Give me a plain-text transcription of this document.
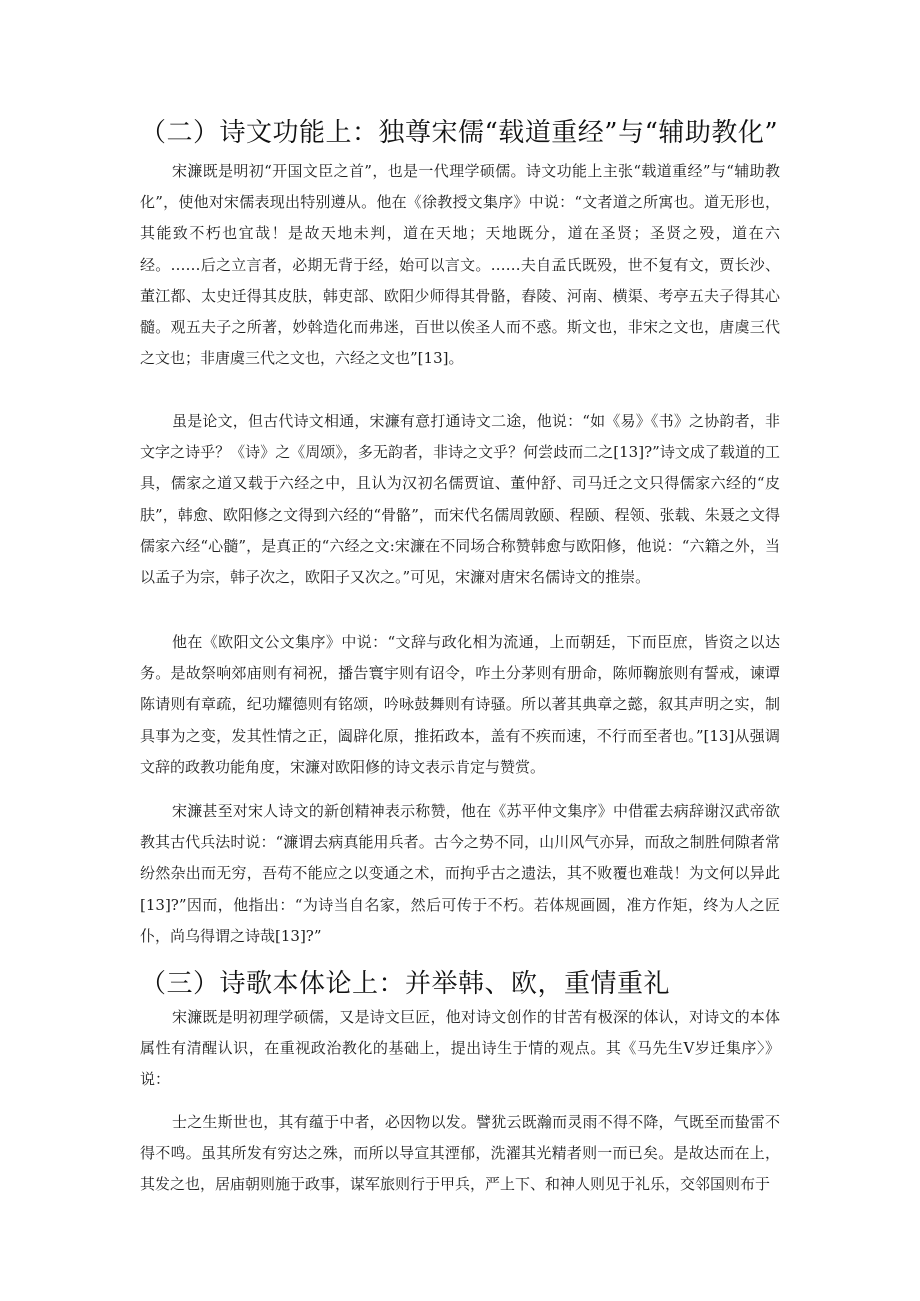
（二）诗文功能上：独尊宋儒“载道重经”与“辅助教化”

宋濂既是明初“开国文臣之首”，也是一代理学硕儒。诗文功能上主张“载道重经”与“辅助教化”，使他对宋儒表现出特别遵从。他在《徐教授文集序》中说：“文者道之所寓也。道无形也，其能致不朽也宜哉！是故天地未判，道在天地；天地既分，道在圣贤；圣贤之殁，道在六经。……后之立言者，必期无背于经，始可以言文。……夫自孟氏既殁，世不复有文，贾长沙、董江都、太史迁得其皮肤，韩吏部、欧阳少师得其骨骼，舂陵、河南、横渠、考亭五夫子得其心髓。观五夫子之所著，妙斡造化而弗迷，百世以俟圣人而不惑。斯文也，非宋之文也，唐虞三代之文也；非唐虞三代之文也，六经之文也”[13]。

虽是论文，但古代诗文相通，宋濂有意打通诗文二途，他说：“如《易》《书》之协韵者，非文字之诗乎？《诗》之《周颂》，多无韵者，非诗之文乎？何尝歧而二之[13]?”诗文成了载道的工具，儒家之道又载于六经之中，且认为汉初名儒贾谊、董仲舒、司马迁之文只得儒家六经的“皮肤”，韩愈、欧阳修之文得到六经的“骨骼”，而宋代名儒周敦颐、程颐、程领、张载、朱聂之文得儒家六经“心髓”，是真正的“六经之文:宋濂在不同场合称赞韩愈与欧阳修，他说：“六籍之外，当以孟子为宗，韩子次之，欧阳子又次之。”可见，宋濂对唐宋名儒诗文的推崇。

他在《欧阳文公文集序》中说：“文辞与政化相为流通，上而朝廷，下而臣庶，皆资之以达务。是故祭响郊庙则有祠祝，播告寰宇则有诏令，咋土分茅则有册命，陈师鞠旅则有誓戒，谏谭陈请则有章疏，纪功耀德则有铭颂，吟咏鼓舞则有诗骚。所以著其典章之懿，叙其声明之实，制具事为之变，发其性情之正，阖辟化原，推拓政本，盖有不疾而速，不行而至者也。”[13]从强调文辞的政教功能角度，宋濂对欧阳修的诗文表示肯定与赞赏。

宋濂甚至对宋人诗文的新创精神表示称赞，他在《苏平仲文集序》中借霍去病辞谢汉武帝欲教其古代兵法时说：“濂谓去病真能用兵者。古今之势不同，山川风气亦异，而敌之制胜伺隙者常纷然杂出而无穷，吾苟不能应之以变通之术，而拘乎古之遗法，其不败覆也难哉！为文何以异此[13]?”因而，他指出：“为诗当自名家，然后可传于不朽。若体规画圆，准方作矩，终为人之匠仆，尚乌得谓之诗哉[13]?”

（三）诗歌本体论上：并举韩、欧，重情重礼

宋濂既是明初理学硕儒，又是诗文巨匠，他对诗文创作的甘苦有极深的体认，对诗文的本体属性有清醒认识，在重视政治教化的基础上，提出诗生于情的观点。其《马先生Ⅴ岁迁集序〉》说：

士之生斯世也，其有蕴于中者，必因物以发。譬犹云既瀚而灵雨不得不降，气既至而蛰雷不得不鸣。虽其所发有穷达之殊，而所以导宣其湮郁，洗濯其光精者则一而已矣。是故达而在上，其发之也，居庙朝则施于政事，谋军旅则行于甲兵，严上下、和神人则见于礼乐，交邻国则布于
